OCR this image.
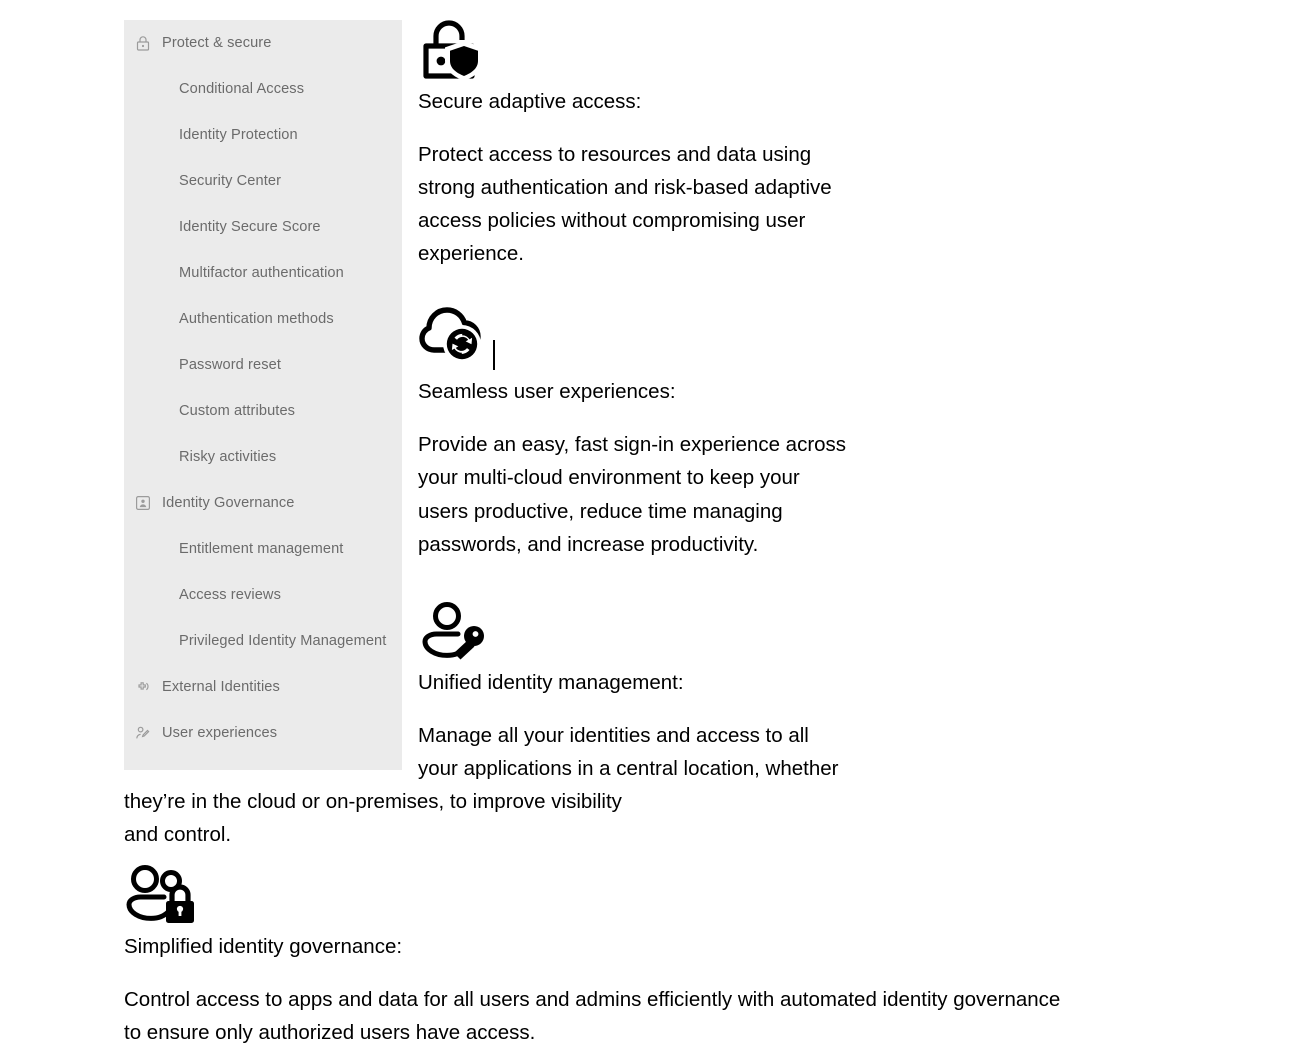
Protect & secure
Conditional Access
Identity Protection
Security Center
Identity Secure Score
Multifactor authentication
Authentication methods
Password reset
Custom attributes
Risky activities
Identity Governance
Entitlement management
Access reviews
Privileged Identity Management
External Identities
User experiences

Secure adaptive access:

Protect access to resources and data using strong authentication and risk-based adaptive access policies without compromising user experience.

Seamless user experiences:

Provide an easy, fast sign-in experience across your multi-cloud environment to keep your users productive, reduce time managing passwords, and increase productivity.

Unified identity management:

Manage all your identities and access to all your applications in a central location, whether they’re in the cloud or on-premises, to improve visibility

and control.

Simplified identity governance:

Control access to apps and data for all users and admins efficiently with automated identity governance to ensure only authorized users have access.
